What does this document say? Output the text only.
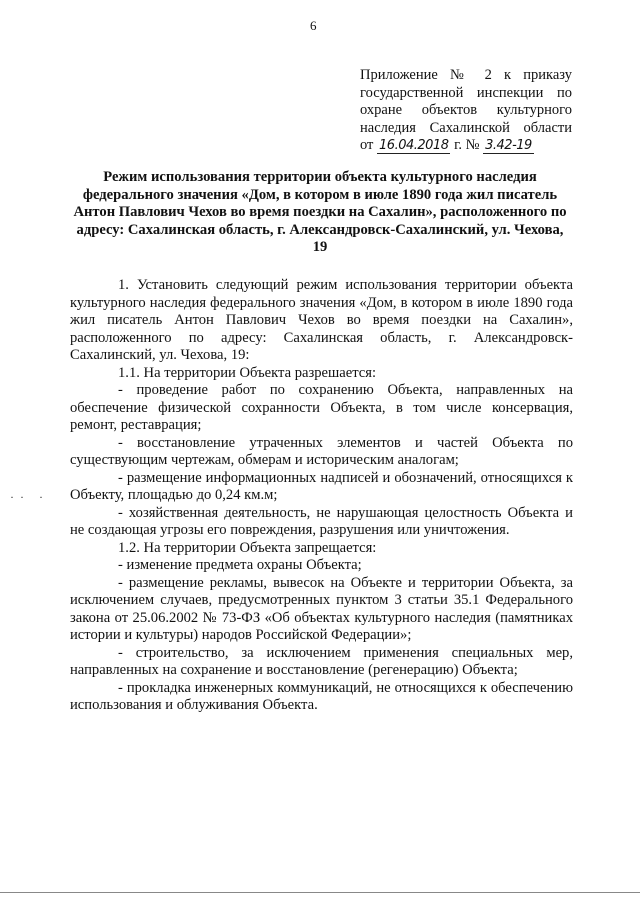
6
Приложение № 2 к приказу
государственной инспекции по
охране объектов культурного
наследия Сахалинской области
от 16.04.2018 г. № 3.42-19
Режим использования территории объекта культурного наследия федерального значения «Дом, в котором в июле 1890 года жил писатель Антон Павлович Чехов во время поездки на Сахалин», расположенного по адресу: Сахалинская область, г. Александровск-Сахалинский, ул. Чехова, 19

1. Установить следующий режим использования территории объекта культурного наследия федерального значения «Дом, в котором в июле 1890 года жил писатель Антон Павлович Чехов во время поездки на Сахалин», расположенного по адресу: Сахалинская область, г. Александровск-Сахалинский, ул. Чехова, 19:

1.1. На территории Объекта разрешается:

- проведение работ по сохранению Объекта, направленных на обеспечение физической сохранности Объекта, в том числе консервация, ремонт, реставрация;

- восстановление утраченных элементов и частей Объекта по существующим чертежам, обмерам и историческим аналогам;

- размещение информационных надписей и обозначений, относящихся к Объекту, площадью до 0,24 км.м;

- хозяйственная деятельность, не нарушающая целостность Объекта и не создающая угрозы его повреждения, разрушения или уничтожения.

1.2. На территории Объекта запрещается:

- изменение предмета охраны Объекта;

- размещение рекламы, вывесок на Объекте и территории Объекта, за исключением случаев, предусмотренных пунктом 3 статьи 35.1 Федерального закона от 25.06.2002 № 73-ФЗ «Об объектах культурного наследия (памятниках истории и культуры) народов Российской Федерации»;

- строительство, за исключением применения специальных мер, направленных на сохранение и восстановление (регенерацию) Объекта;

- прокладка инженерных коммуникаций, не относящихся к обеспечению использования и облуживания Объекта.

·· ·
